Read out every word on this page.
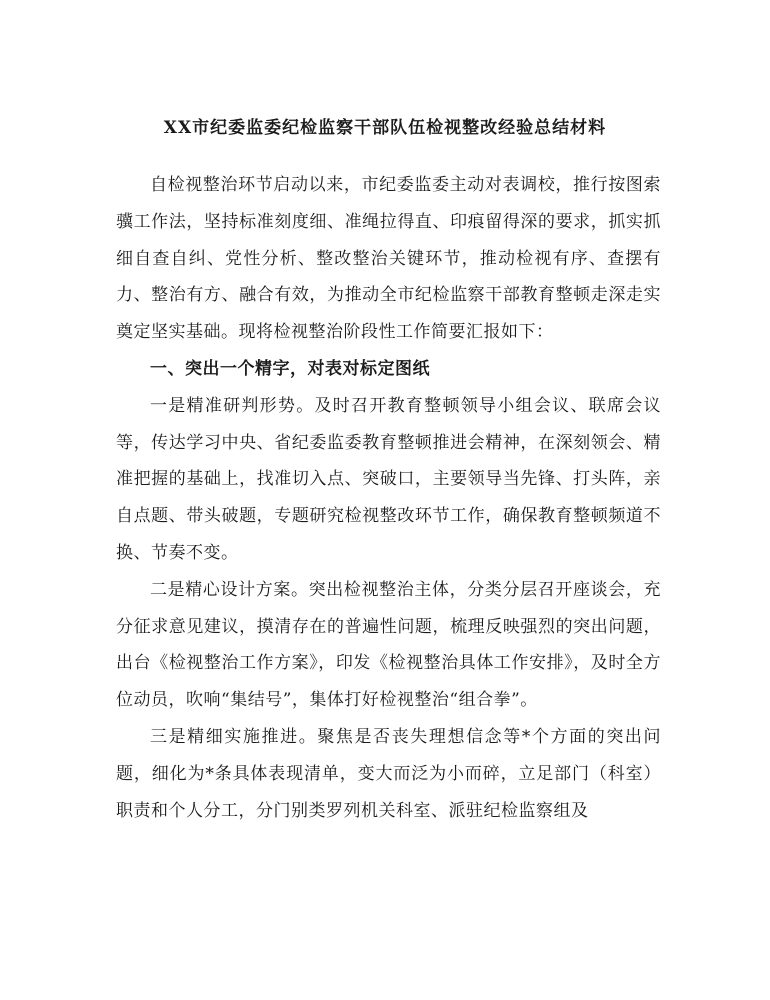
XX市纪委监委纪检监察干部队伍检视整改经验总结材料

自检视整治环节启动以来，市纪委监委主动对表调校，推行按图索骥工作法，坚持标准刻度细、准绳拉得直、印痕留得深的要求，抓实抓细自查自纠、党性分析、整改整治关键环节，推动检视有序、查摆有力、整治有方、融合有效，为推动全市纪检监察干部教育整顿走深走实奠定坚实基础。现将检视整治阶段性工作简要汇报如下：

一、突出一个精字，对表对标定图纸

一是精准研判形势。及时召开教育整顿领导小组会议、联席会议等，传达学习中央、省纪委监委教育整顿推进会精神，在深刻领会、精准把握的基础上，找准切入点、突破口，主要领导当先锋、打头阵，亲自点题、带头破题，专题研究检视整改环节工作，确保教育整顿频道不换、节奏不变。

二是精心设计方案。突出检视整治主体，分类分层召开座谈会，充分征求意见建议，摸清存在的普遍性问题，梳理反映强烈的突出问题，出台《检视整治工作方案》，印发《检视整治具体工作安排》，及时全方位动员，吹响“集结号”，集体打好检视整治“组合拳”。

三是精细实施推进。聚焦是否丧失理想信念等*个方面的突出问题，细化为*条具体表现清单，变大而泛为小而碎，立足部门（科室）职责和个人分工，分门别类罗列机关科室、派驻纪检监察组及
